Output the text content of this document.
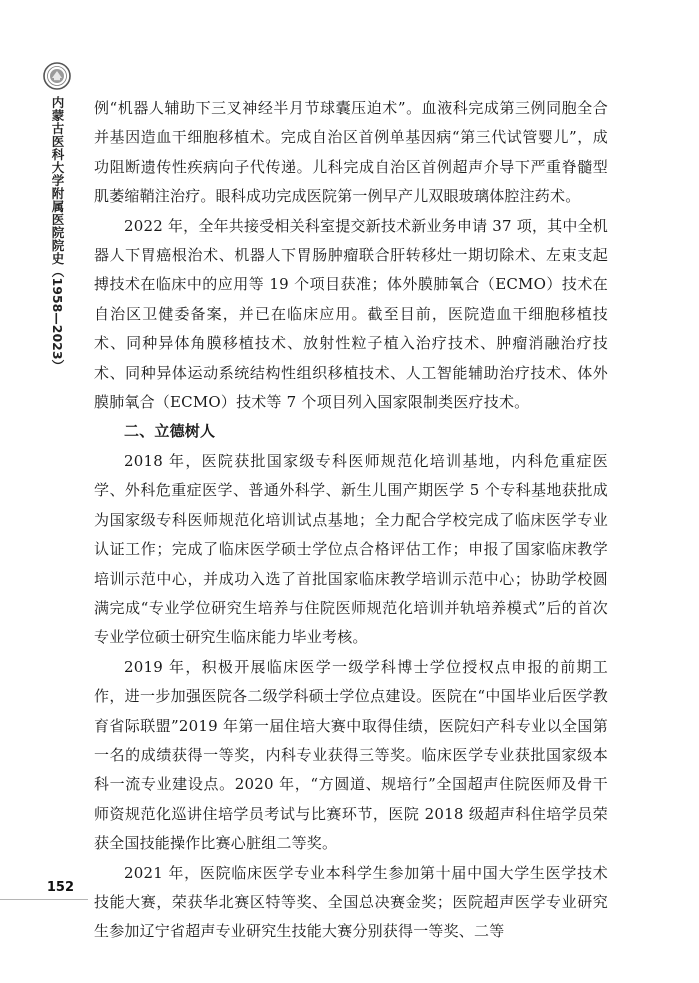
内蒙古医科大学附属医院院史（1958—2023）
152

例“机器人辅助下三叉神经半月节球囊压迫术”。血液科完成第三例同胞全合并基因造血干细胞移植术。完成自治区首例单基因病“第三代试管婴儿”，成功阻断遗传性疾病向子代传递。儿科完成自治区首例超声介导下严重脊髓型肌萎缩鞘注治疗。眼科成功完成医院第一例早产儿双眼玻璃体腔注药术。

2022 年，全年共接受相关科室提交新技术新业务申请 37 项，其中全机器人下胃癌根治术、机器人下胃肠肿瘤联合肝转移灶一期切除术、左束支起搏技术在临床中的应用等 19 个项目获准；体外膜肺氧合（ECMO）技术在自治区卫健委备案，并已在临床应用。截至目前，医院造血干细胞移植技术、同种异体角膜移植技术、放射性粒子植入治疗技术、肿瘤消融治疗技术、同种异体运动系统结构性组织移植技术、人工智能辅助治疗技术、体外膜肺氧合（ECMO）技术等 7 个项目列入国家限制类医疗技术。

二、立德树人

2018 年，医院获批国家级专科医师规范化培训基地，内科危重症医学、外科危重症医学、普通外科学、新生儿围产期医学 5 个专科基地获批成为国家级专科医师规范化培训试点基地；全力配合学校完成了临床医学专业认证工作；完成了临床医学硕士学位点合格评估工作；申报了国家临床教学培训示范中心，并成功入选了首批国家临床教学培训示范中心；协助学校圆满完成“专业学位研究生培养与住院医师规范化培训并轨培养模式”后的首次专业学位硕士研究生临床能力毕业考核。

2019 年，积极开展临床医学一级学科博士学位授权点申报的前期工作，进一步加强医院各二级学科硕士学位点建设。医院在“中国毕业后医学教育省际联盟”2019 年第一届住培大赛中取得佳绩，医院妇产科专业以全国第一名的成绩获得一等奖，内科专业获得三等奖。临床医学专业获批国家级本科一流专业建设点。2020 年，“方圆道、规培行”全国超声住院医师及骨干师资规范化巡讲住培学员考试与比赛环节，医院 2018 级超声科住培学员荣获全国技能操作比赛心脏组二等奖。

2021 年，医院临床医学专业本科学生参加第十届中国大学生医学技术技能大赛，荣获华北赛区特等奖、全国总决赛金奖；医院超声医学专业研究生参加辽宁省超声专业研究生技能大赛分别获得一等奖、二等
